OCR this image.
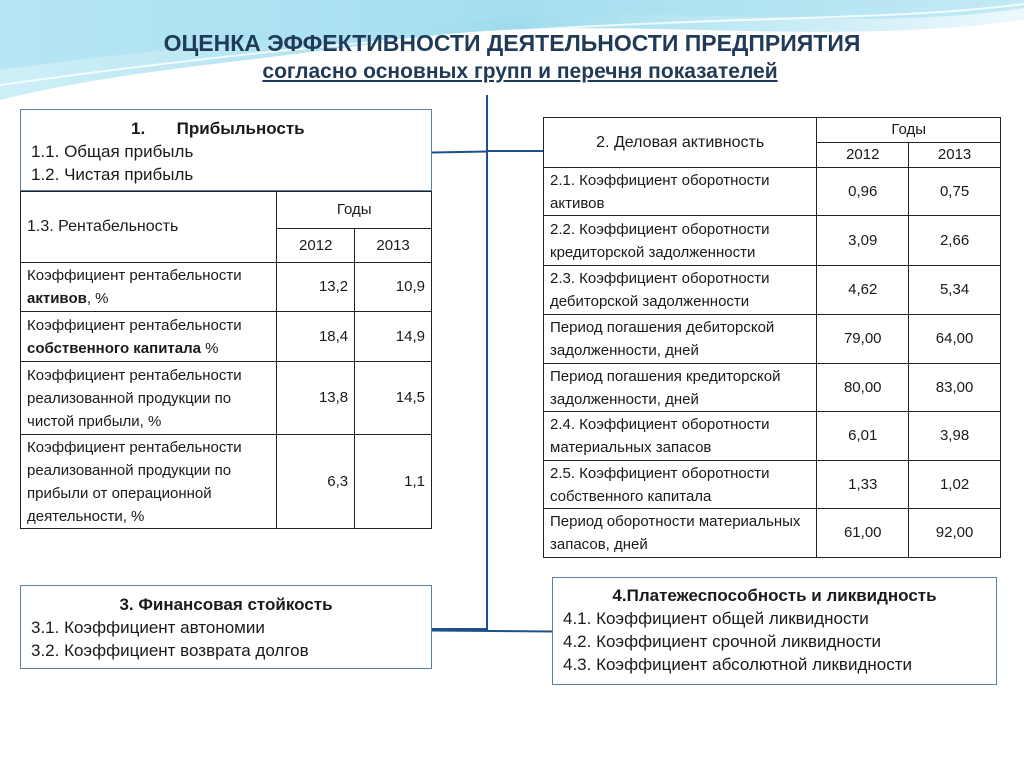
ОЦЕНКА ЭФФЕКТИВНОСТИ ДЕЯТЕЛЬНОСТИ ПРЕДПРИЯТИЯ
согласно основных групп и перечня показателей
1. Прибыльность
1.1. Общая прибыль
1.2. Чистая прибыль
1.3. Рентабельность	Годы	
	2012	2013
Коэффициент рентабельности активов, %	13,2	10,9
Коэффициент рентабельности собственного капитала %	18,4	14,9
Коэффициент рентабельности реализованной продукции по чистой прибыли, %	13,8	14,5
Коэффициент рентабельности реализованной продукции по прибыли от операционной деятельности, %	6,3	1,1
2. Деловая активность	Годы	
	2012	2013
2.1. Коэффициент оборотности активов	0,96	0,75
2.2. Коэффициент оборотности кредиторской задолженности	3,09	2,66
2.3. Коэффициент оборотности дебиторской задолженности	4,62	5,34
Период погашения дебиторской задолженности, дней	79,00	64,00
Период погашения кредиторской задолженности, дней	80,00	83,00
2.4. Коэффициент оборотности материальных запасов	6,01	3,98
2.5. Коэффициент оборотности собственного капитала	1,33	1,02
Период оборотности материальных запасов, дней	61,00	92,00
3. Финансовая стойкость
3.1. Коэффициент автономии
3.2. Коэффициент возврата долгов
4.Платежеспособность и ликвидность
4.1. Коэффициент общей ликвидности
4.2. Коэффициент срочной ликвидности
4.3. Коэффициент абсолютной ликвидности
